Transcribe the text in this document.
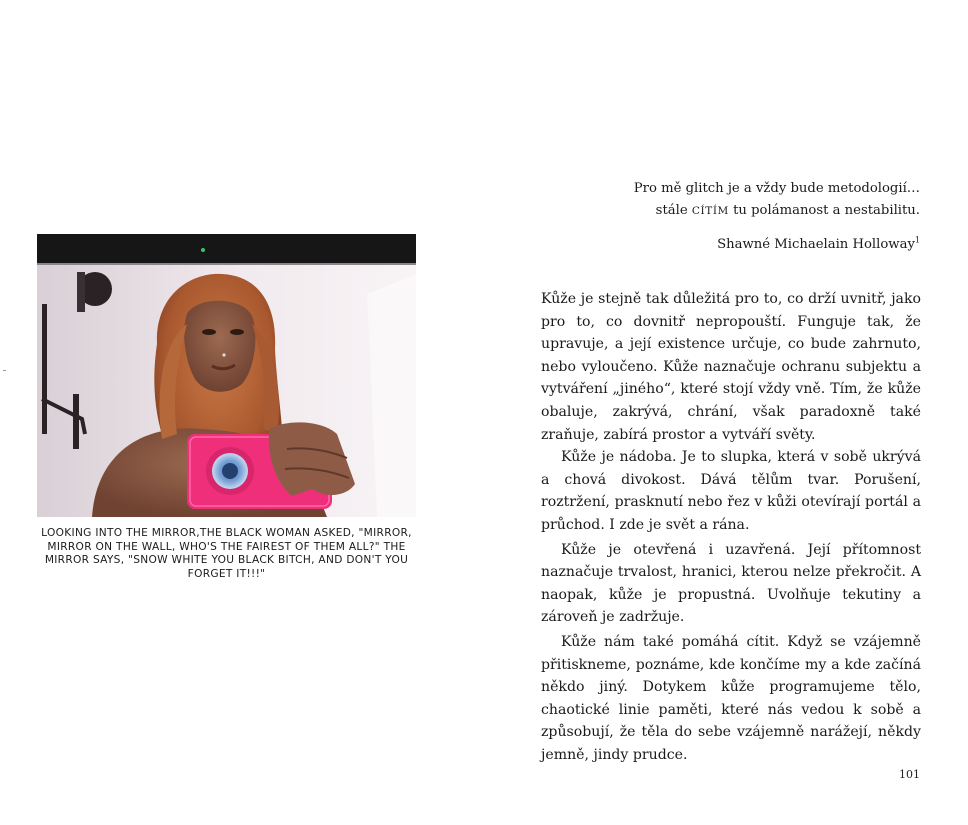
LOOKING INTO THE MIRROR,THE BLACK WOMAN ASKED, "MIRROR, MIRROR ON THE WALL, WHO'S THE FAIREST OF THEM ALL?" THE MIRROR SAYS, "SNOW WHITE YOU BLACK BITCH, AND DON'T YOU FORGET IT!!!"
Pro mě glitch je a vždy bude metodologií…
stále CÍTÍM tu polámanost a nestabilitu.
Shawné Michaelain Holloway$^1$

Kůže je stejně tak důležitá pro to, co drží uvnitř, jako pro to, co dovnitř nepropouští. Funguje tak, že upravuje, a její existence určuje, co bude zahrnuto, nebo vyloučeno. Kůže naznačuje ochranu subjektu a vytváření „jiného“, které stojí vždy vně. Tím, že kůže obaluje, zakrývá, chrání, však paradoxně také zraňuje, zabírá prostor a vytváří světy.

Kůže je nádoba. Je to slupka, která v sobě ukrývá a chová divokost. Dává tělům tvar. Porušení, roztržení, prasknutí nebo řez v kůži otevírají portál a průchod. I zde je svět a rána.

Kůže je otevřená i uzavřená. Její přítomnost naznačuje trvalost, hranici, kterou nelze překročit. A naopak, kůže je propustná. Uvolňuje tekutiny a zároveň je zadržuje.

Kůže nám také pomáhá cítit. Když se vzájemně přitiskneme, poznáme, kde končíme my a kde začíná někdo jiný. Dotykem kůže programujeme tělo, chaotické linie paměti, které nás vedou k sobě a způsobují, že těla do sebe vzájemně narážejí, někdy jemně, jindy prudce.

101
